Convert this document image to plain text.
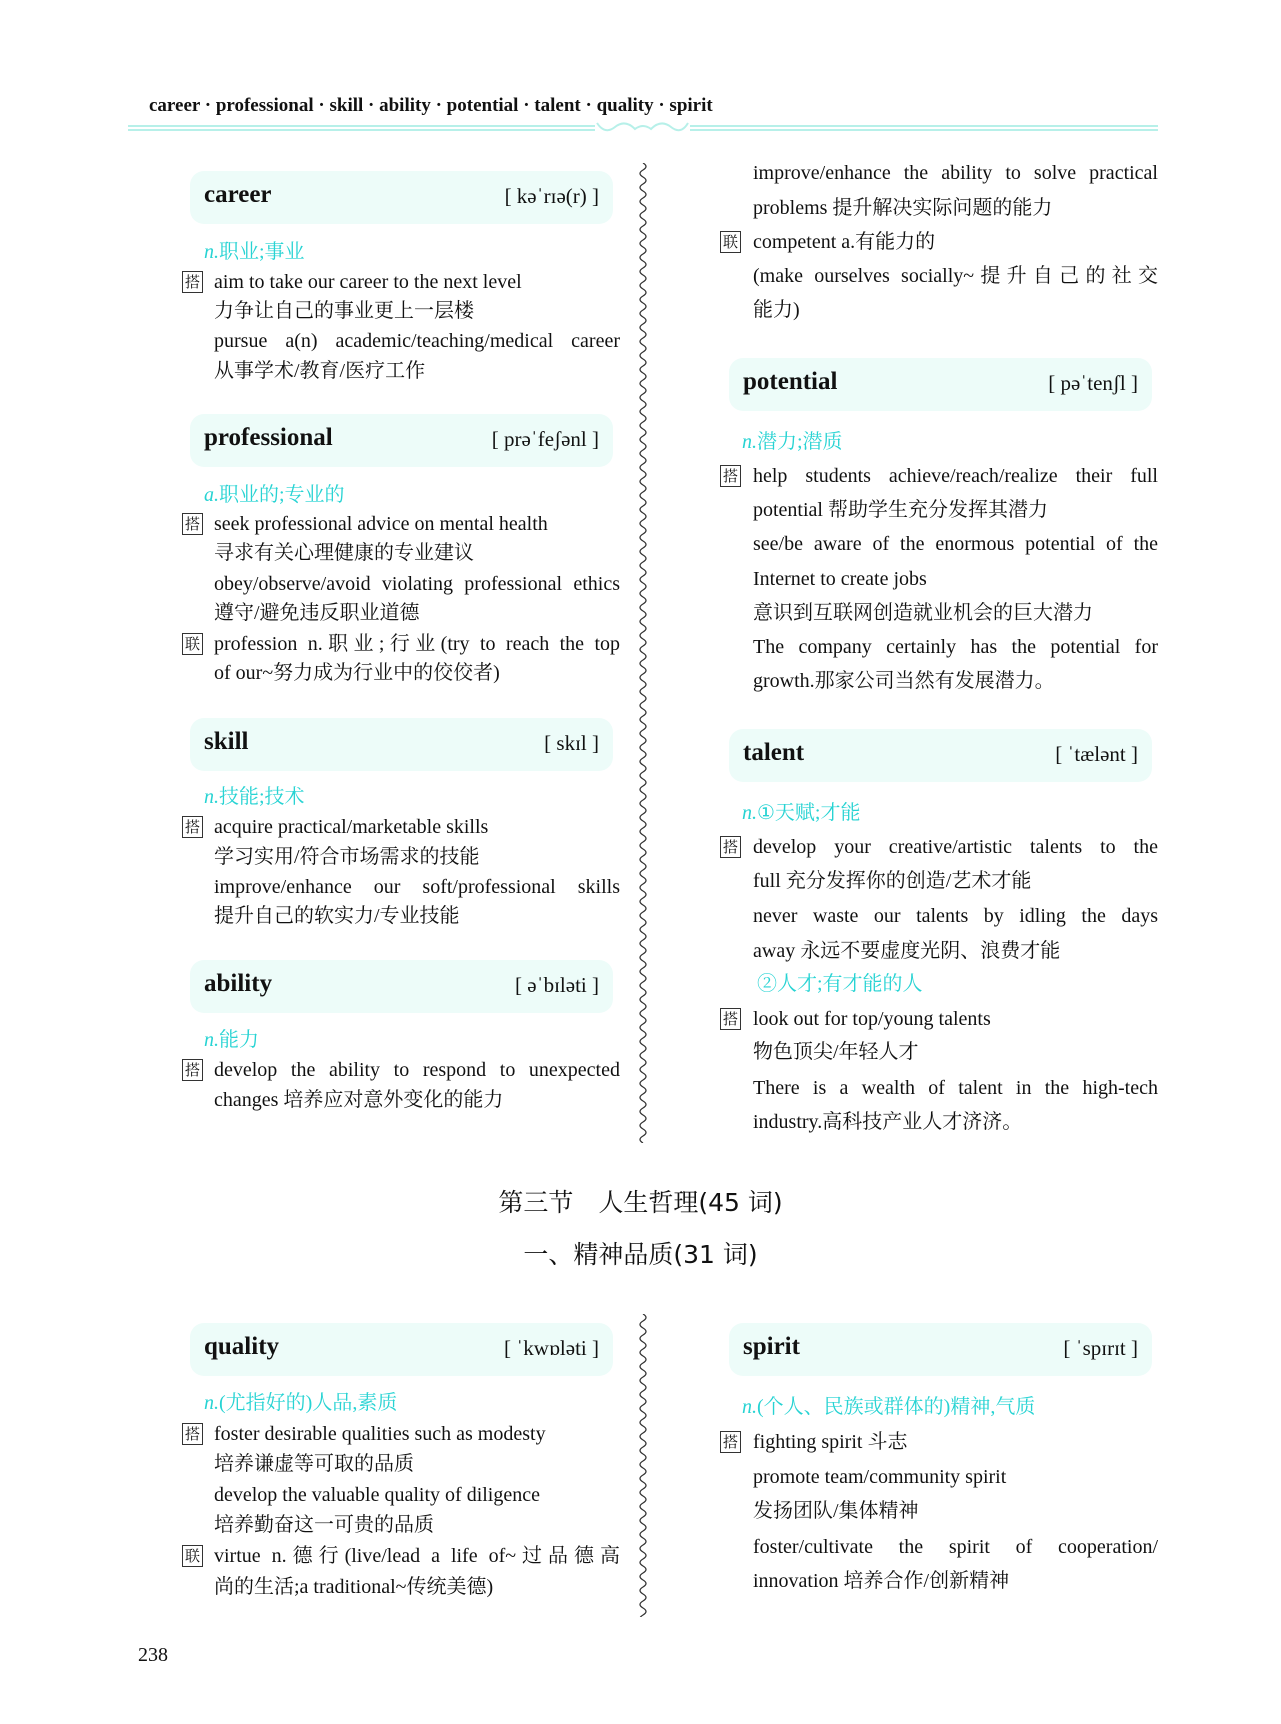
career · professional · skill · ability · potential · talent · quality · spirit
career	[ kəˈrɪə(r) ]
n.职业;事业
搭 aim to take our career to the next level
力争让自己的事业更上一层楼
pursue a(n) academic/teaching/medical career
从事学术/教育/医疗工作
professional	[ prəˈfeʃənl ]
a.职业的;专业的
搭 seek professional advice on mental health
寻求有关心理健康的专业建议
obey/observe/avoid violating professional ethics
遵守/避免违反职业道德
联 profession n.职业;行业(try to reach the top
of our~努力成为行业中的佼佼者)
skill	[ skɪl ]
n.技能;技术
搭 acquire practical/marketable skills
学习实用/符合市场需求的技能
improve/enhance our soft/professional skills
提升自己的软实力/专业技能
ability	[ əˈbɪləti ]
n.能力
搭 develop the ability to respond to unexpected
changes 培养应对意外变化的能力
improve/enhance the ability to solve practical
problems 提升解决实际问题的能力
联 competent a.有能力的
(make ourselves socially~提升自己的社交
能力)
potential	[ pəˈtenʃl ]
n.潜力;潜质
搭 help students achieve/reach/realize their full
potential 帮助学生充分发挥其潜力
see/be aware of the enormous potential of the
Internet to create jobs
意识到互联网创造就业机会的巨大潜力
The company certainly has the potential for
growth.那家公司当然有发展潜力。
talent	[ ˈtælənt ]
n.①天赋;才能
搭 develop your creative/artistic talents to the
full 充分发挥你的创造/艺术才能
never waste our talents by idling the days
away 永远不要虚度光阴、浪费才能
②人才;有才能的人
搭 look out for top/young talents
物色顶尖/年轻人才
There is a wealth of talent in the high-tech
industry.高科技产业人才济济。
quality	[ ˈkwɒləti ]
n.(尤指好的)人品,素质
搭 foster desirable qualities such as modesty
培养谦虚等可取的品质
develop the valuable quality of diligence
培养勤奋这一可贵的品质
联 virtue n.德行(live/lead a life of~过品德高
尚的生活;a traditional~传统美德)
spirit	[ ˈspɪrɪt ]
n.(个人、民族或群体的)精神,气质
搭 fighting spirit 斗志
promote team/community spirit
发扬团队/集体精神
foster/cultivate the spirit of cooperation/
innovation 培养合作/创新精神
第三节　人生哲理(45 词)
一、精神品质(31 词)
238
